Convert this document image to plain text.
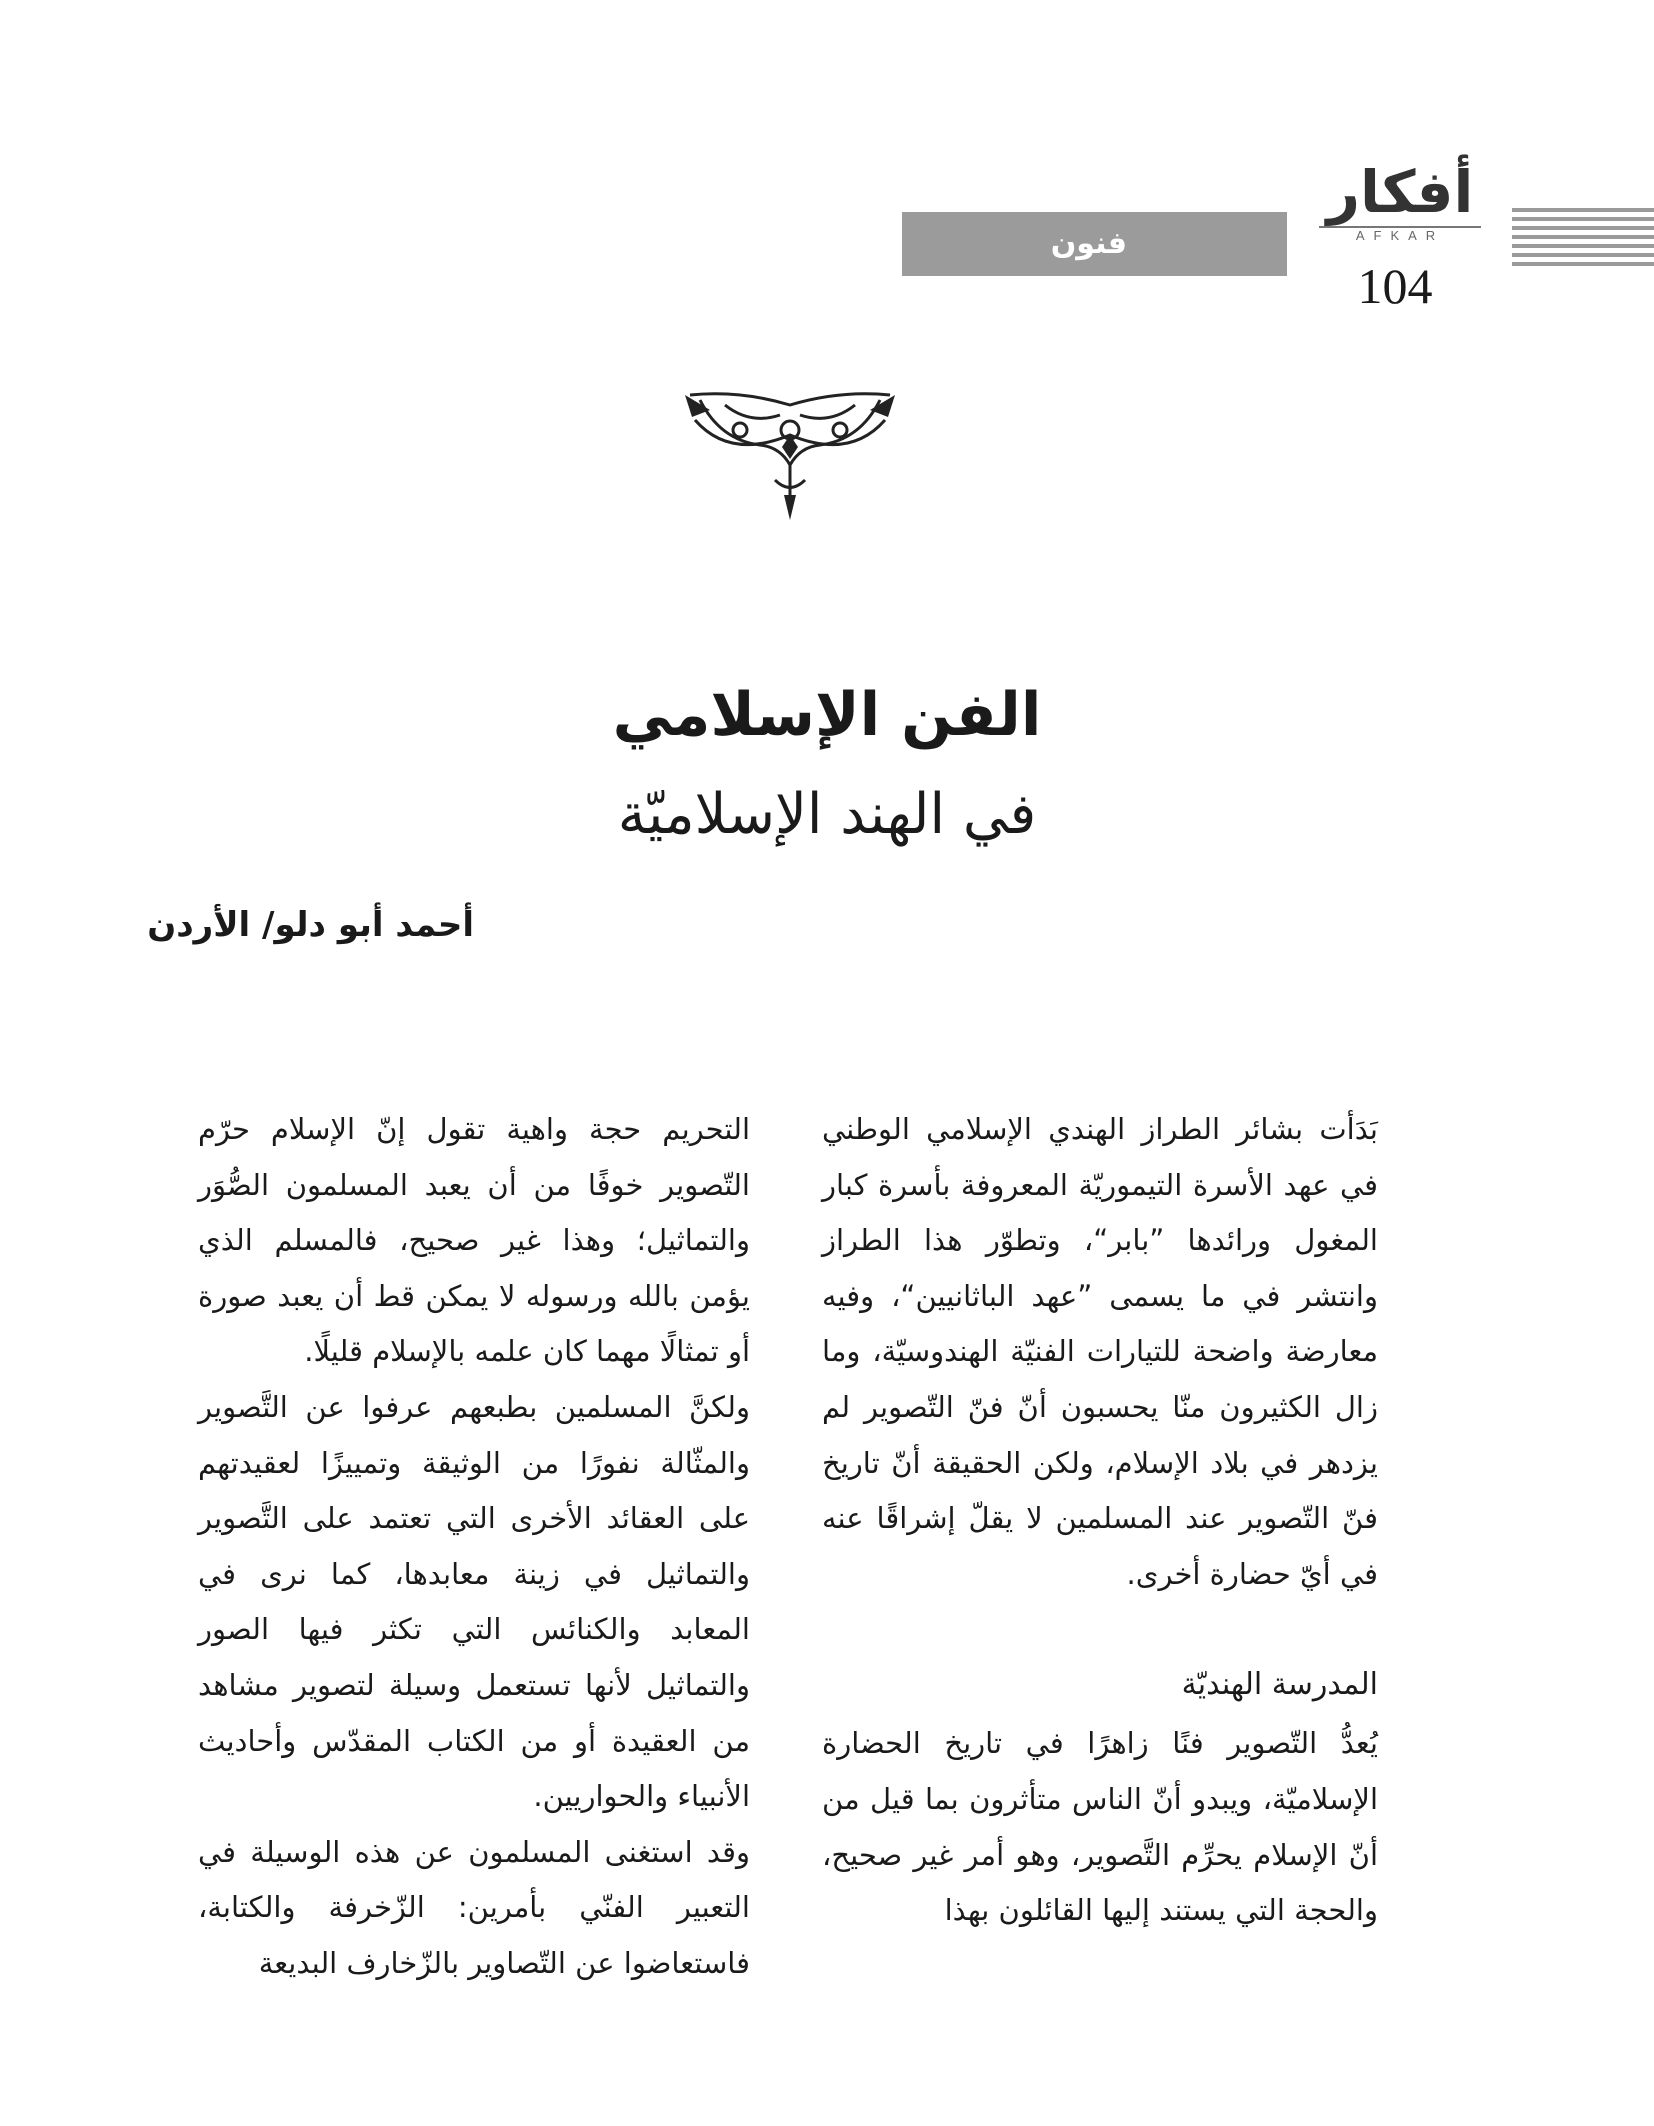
أفكار
AFKAR
104
فنون
الفن الإسلامي
في الهند الإسلاميّة
أحمد أبو دلو/ الأردن

بَدَأت بشائر الطراز الهندي الإسلامي الوطني في عهد الأسرة التيموريّة المعروفة بأسرة كبار المغول ورائدها ”بابر“، وتطوّر هذا الطراز وانتشر في ما يسمى ”عهد الباثانيين“، وفيه معارضة واضحة للتيارات الفنيّة الهندوسيّة، وما زال الكثيرون منّا يحسبون أنّ فنّ التّصوير لم يزدهر في بلاد الإسلام، ولكن الحقيقة أنّ تاريخ فنّ التّصوير عند المسلمين لا يقلّ إشراقًا عنه في أيّ حضارة أخرى.

المدرسة الهنديّة

يُعدُّ التّصوير فنًا زاهرًا في تاريخ الحضارة الإسلاميّة، ويبدو أنّ الناس متأثرون بما قيل من أنّ الإسلام يحرِّم التَّصوير، وهو أمر غير صحيح، والحجة التي يستند إليها القائلون بهذا

التحريم حجة واهية تقول إنّ الإسلام حرّم التّصوير خوفًا من أن يعبد المسلمون الصُّوَر والتماثيل؛ وهذا غير صحيح، فالمسلم الذي يؤمن بالله ورسوله لا يمكن قط أن يعبد صورة أو تمثالًا مهما كان علمه بالإسلام قليلًا.

ولكنَّ المسلمين بطبعهم عرفوا عن التَّصوير والمثّالة نفورًا من الوثيقة وتمييزًا لعقيدتهم على العقائد الأخرى التي تعتمد على التَّصوير والتماثيل في زينة معابدها، كما نرى في المعابد والكنائس التي تكثر فيها الصور والتماثيل لأنها تستعمل وسيلة لتصوير مشاهد من العقيدة أو من الكتاب المقدّس وأحاديث الأنبياء والحواريين.

وقد استغنى المسلمون عن هذه الوسيلة في التعبير الفنّي بأمرين: الزّخرفة والكتابة، فاستعاضوا عن التّصاوير بالزّخارف البديعة
